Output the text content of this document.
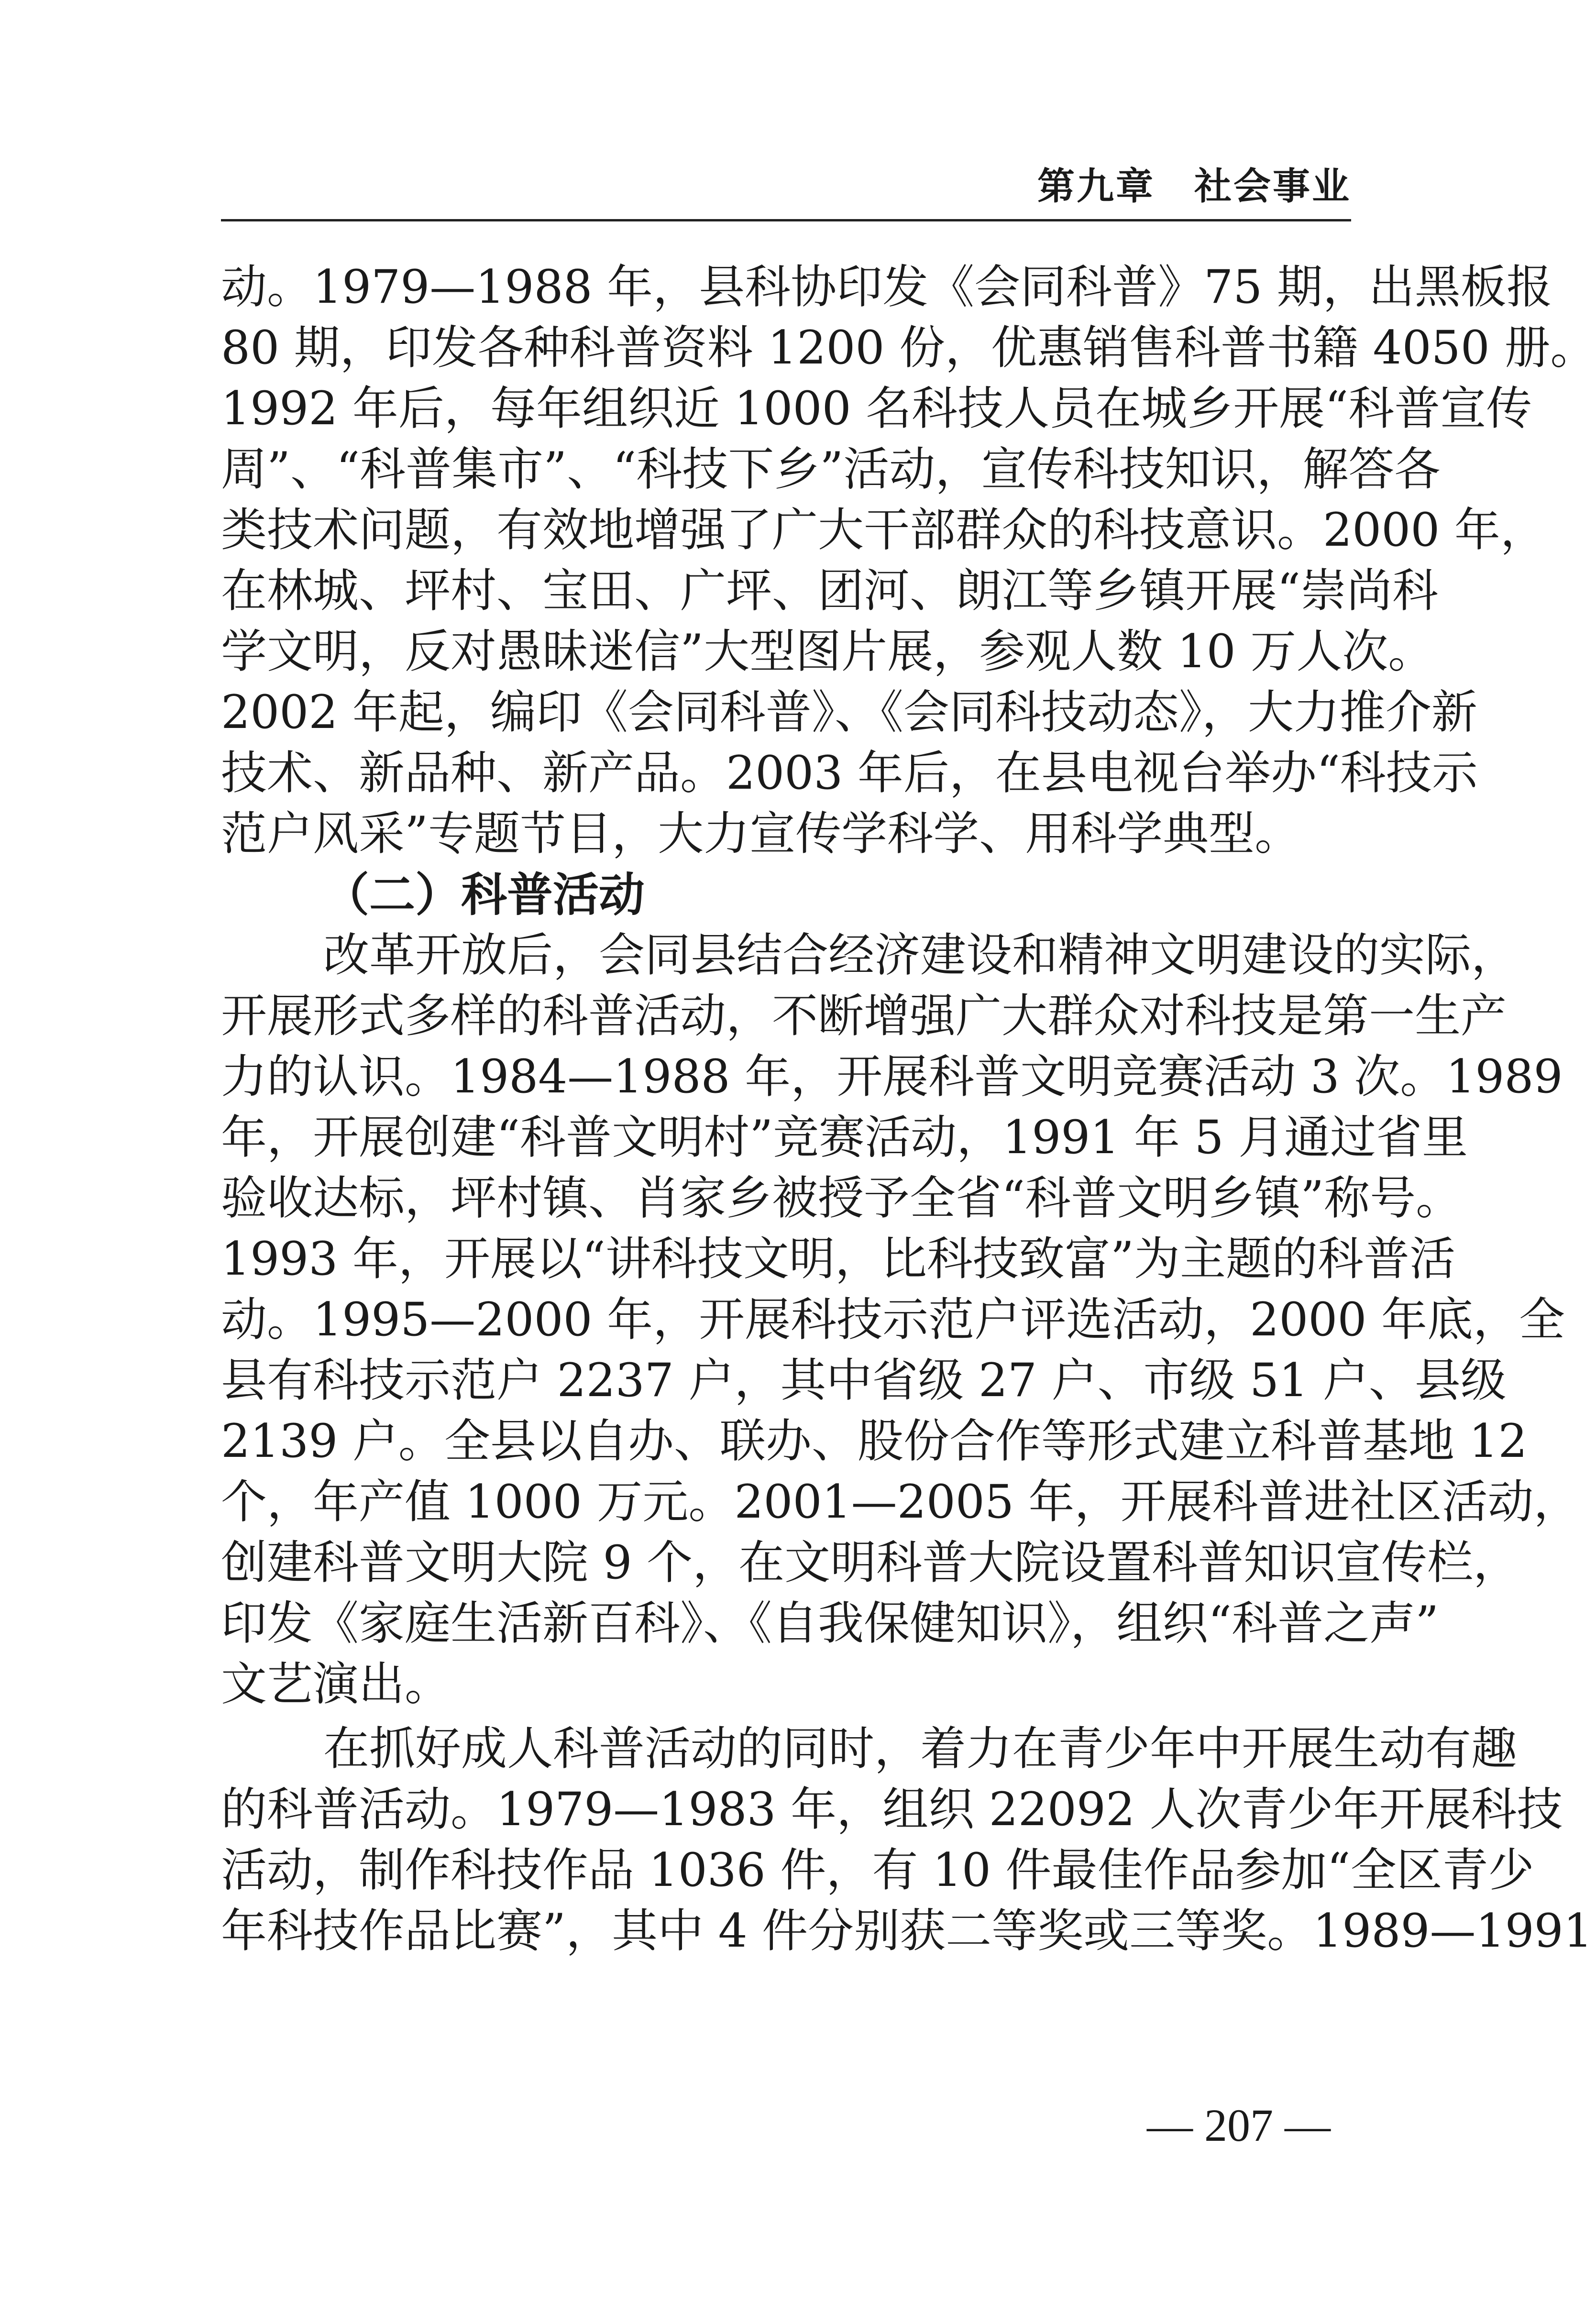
第九章　社会事业
动。1979—1988 年，县科协印发《会同科普》75 期，出黑板报
80 期，印发各种科普资料 1200 份，优惠销售科普书籍 4050 册。
1992 年后，每年组织近 1000 名科技人员在城乡开展“科普宣传
周”、“科普集市”、“科技下乡”活动，宣传科技知识，解答各
类技术问题，有效地增强了广大干部群众的科技意识。2000 年，
在林城、坪村、宝田、广坪、团河、朗江等乡镇开展“崇尚科
学文明，反对愚昧迷信”大型图片展，参观人数 10 万人次。
2002 年起，编印《会同科普》、《会同科技动态》，大力推介新
技术、新品种、新产品。2003 年后，在县电视台举办“科技示
范户风采”专题节目，大力宣传学科学、用科学典型。
（二）科普活动
改革开放后，会同县结合经济建设和精神文明建设的实际，
开展形式多样的科普活动，不断增强广大群众对科技是第一生产
力的认识。1984—1988 年，开展科普文明竞赛活动 3 次。1989
年，开展创建“科普文明村”竞赛活动，1991 年 5 月通过省里
验收达标，坪村镇、肖家乡被授予全省“科普文明乡镇”称号。
1993 年，开展以“讲科技文明，比科技致富”为主题的科普活
动。1995—2000 年，开展科技示范户评选活动，2000 年底，全
县有科技示范户 2237 户，其中省级 27 户、市级 51 户、县级
2139 户。全县以自办、联办、股份合作等形式建立科普基地 12
个，年产值 1000 万元。2001—2005 年，开展科普进社区活动，
创建科普文明大院 9 个，在文明科普大院设置科普知识宣传栏，
印发《家庭生活新百科》、《自我保健知识》，组织“科普之声”
文艺演出。
在抓好成人科普活动的同时，着力在青少年中开展生动有趣
的科普活动。1979—1983 年，组织 22092 人次青少年开展科技
活动，制作科技作品 1036 件，有 10 件最佳作品参加“全区青少
年科技作品比赛”，其中 4 件分别获二等奖或三等奖。1989—1991
— 207 —
